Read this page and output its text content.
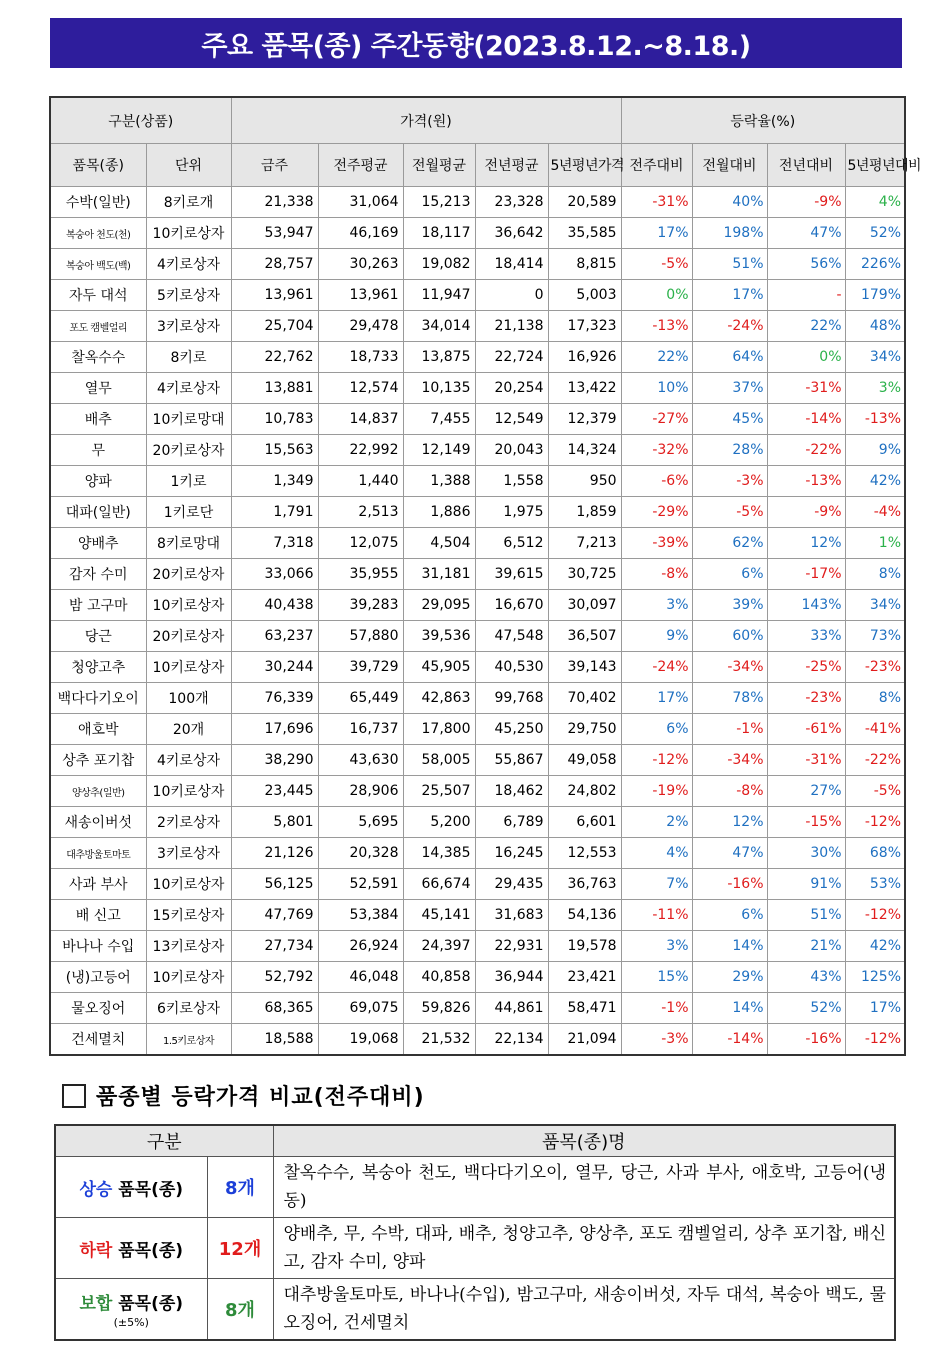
주요 품목(종) 주간동향(2023.8.12.~8.18.)
구분(상품)		가격(원)					등락율(%)			
품목(종)	단위	금주	전주평균	전월평균	전년평균	5년평년가격	전주대비	전월대비	전년대비	5년평년대비
수박(일반)	8키로개	21,338	31,064	15,213	23,328	20,589	-31%	40%	-9%	4%
복숭아 천도(천)	10키로상자	53,947	46,169	18,117	36,642	35,585	17%	198%	47%	52%
복숭아 백도(백)	4키로상자	28,757	30,263	19,082	18,414	8,815	-5%	51%	56%	226%
자두 대석	5키로상자	13,961	13,961	11,947	0	5,003	0%	17%	-	179%
포도 캠벨얼리	3키로상자	25,704	29,478	34,014	21,138	17,323	-13%	-24%	22%	48%
찰옥수수	8키로	22,762	18,733	13,875	22,724	16,926	22%	64%	0%	34%
열무	4키로상자	13,881	12,574	10,135	20,254	13,422	10%	37%	-31%	3%
배추	10키로망대	10,783	14,837	7,455	12,549	12,379	-27%	45%	-14%	-13%
무	20키로상자	15,563	22,992	12,149	20,043	14,324	-32%	28%	-22%	9%
양파	1키로	1,349	1,440	1,388	1,558	950	-6%	-3%	-13%	42%
대파(일반)	1키로단	1,791	2,513	1,886	1,975	1,859	-29%	-5%	-9%	-4%
양배추	8키로망대	7,318	12,075	4,504	6,512	7,213	-39%	62%	12%	1%
감자 수미	20키로상자	33,066	35,955	31,181	39,615	30,725	-8%	6%	-17%	8%
밤 고구마	10키로상자	40,438	39,283	29,095	16,670	30,097	3%	39%	143%	34%
당근	20키로상자	63,237	57,880	39,536	47,548	36,507	9%	60%	33%	73%
청양고추	10키로상자	30,244	39,729	45,905	40,530	39,143	-24%	-34%	-25%	-23%
백다다기오이	100개	76,339	65,449	42,863	99,768	70,402	17%	78%	-23%	8%
애호박	20개	17,696	16,737	17,800	45,250	29,750	6%	-1%	-61%	-41%
상추 포기찹	4키로상자	38,290	43,630	58,005	55,867	49,058	-12%	-34%	-31%	-22%
양상추(일반)	10키로상자	23,445	28,906	25,507	18,462	24,802	-19%	-8%	27%	-5%
새송이버섯	2키로상자	5,801	5,695	5,200	6,789	6,601	2%	12%	-15%	-12%
대추방울토마토	3키로상자	21,126	20,328	14,385	16,245	12,553	4%	47%	30%	68%
사과 부사	10키로상자	56,125	52,591	66,674	29,435	36,763	7%	-16%	91%	53%
배 신고	15키로상자	47,769	53,384	45,141	31,683	54,136	-11%	6%	51%	-12%
바나나 수입	13키로상자	27,734	26,924	24,397	22,931	19,578	3%	14%	21%	42%
(냉)고등어	10키로상자	52,792	46,048	40,858	36,944	23,421	15%	29%	43%	125%
물오징어	6키로상자	68,365	69,075	59,826	44,861	58,471	-1%	14%	52%	17%
건세멸치	1.5키로상자	18,588	19,068	21,532	22,134	21,094	-3%	-14%	-16%	-12%
품종별 등락가격 비교(전주대비)
구분		품목(종)명
상승 품목(종)	8개	찰옥수수, 복숭아 천도, 백다다기오이, 열무, 당근, 사과 부사, 애호박, 고등어(냉동)
하락 품목(종)	12개	양배추, 무, 수박, 대파, 배추, 청양고추, 양상추, 포도 캠벨얼리, 상추 포기찹, 배신고, 감자 수미, 양파
보합 품목(종)
(±5%)	8개	대추방울토마토, 바나나(수입), 밤고구마, 새송이버섯, 자두 대석, 복숭아 백도, 물오징어, 건세멸치
